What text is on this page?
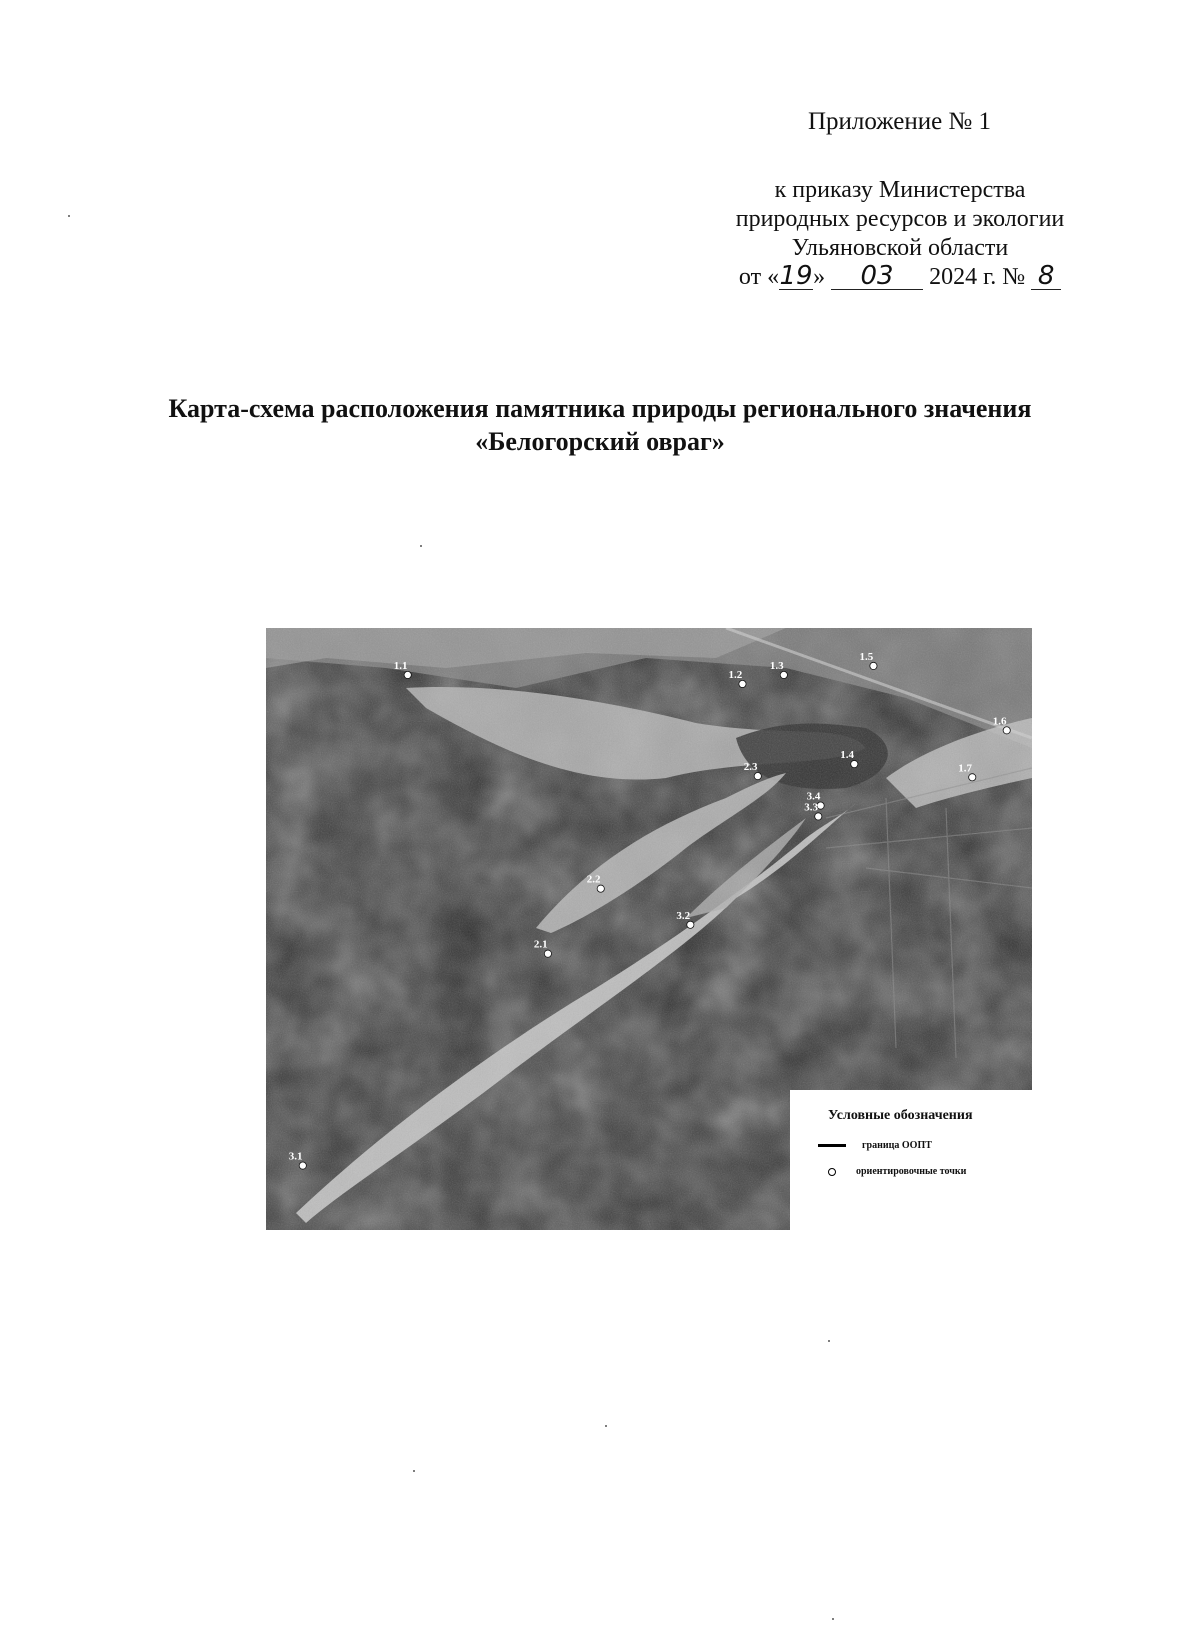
Приложение № 1
к приказу Министерства
природных ресурсов и экологии
Ульяновской области
от «19» 03 2024 г. № 8
Карта-схема расположения памятника природы регионального значения
«Белогорский овраг»
1.1
1.2
1.3
1.5
1.6
1.7
1.4
2.3
3.4
3.3
2.2
3.2
2.1
3.1
Условные обозначения
граница ООПТ
ориентировочные точки
